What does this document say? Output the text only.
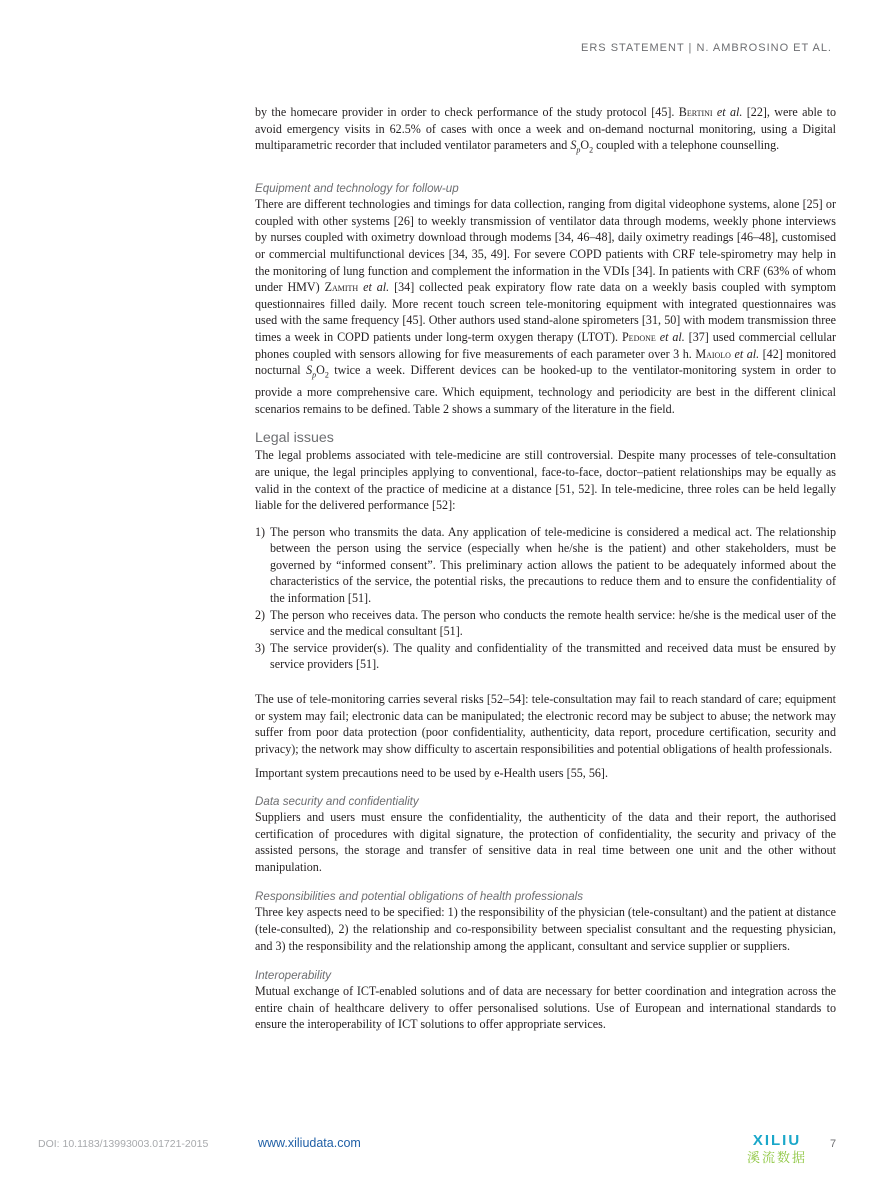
ERS STATEMENT | N. AMBROSINO ET AL.

by the homecare provider in order to check performance of the study protocol [45]. Bertini et al. [22], were able to avoid emergency visits in 62.5% of cases with once a week and on-demand nocturnal monitoring, using a Digital multiparametric recorder that included ventilator parameters and $S_pO_2$ coupled with a telephone counselling.

Equipment and technology for follow-up

There are different technologies and timings for data collection, ranging from digital videophone systems, alone [25] or coupled with other systems [26] to weekly transmission of ventilator data through modems, weekly phone interviews by nurses coupled with oximetry download through modems [34, 46–48], daily oximetry readings [46–48], customised or commercial multifunctional devices [34, 35, 49]. For severe COPD patients with CRF tele-spirometry may help in the monitoring of lung function and complement the information in the VDIs [34]. In patients with CRF (63% of whom under HMV) Zamith et al. [34] collected peak expiratory flow rate data on a weekly basis coupled with symptom questionnaires filled daily. More recent touch screen tele-monitoring equipment with integrated questionnaires was used with the same frequency [45]. Other authors used stand-alone spirometers [31, 50] with modem transmission three times a week in COPD patients under long-term oxygen therapy (LTOT). Pedone et al. [37] used commercial cellular phones coupled with sensors allowing for five measurements of each parameter over 3 h. Maiolo et al. [42] monitored nocturnal $S_pO_2$ twice a week. Different devices can be hooked-up to the ventilator-monitoring system in order to provide a more comprehensive care. Which equipment, technology and periodicity are best in the different clinical scenarios remains to be defined. Table 2 shows a summary of the literature in the field.

Legal issues

The legal problems associated with tele-medicine are still controversial. Despite many processes of tele-consultation are unique, the legal principles applying to conventional, face-to-face, doctor–patient relationships may be equally as valid in the context of the practice of medicine at a distance [51, 52]. In tele-medicine, three roles can be held legally liable for the delivered performance [52]:

1) The person who transmits the data. Any application of tele-medicine is considered a medical act. The relationship between the person using the service (especially when he/she is the patient) and other stakeholders, must be governed by “informed consent”. This preliminary action allows the patient to be adequately informed about the characteristics of the service, the potential risks, the precautions to reduce them and to ensure the confidentiality of the information [51].
2) The person who receives data. The person who conducts the remote health service: he/she is the medical user of the service and the medical consultant [51].
3) The service provider(s). The quality and confidentiality of the transmitted and received data must be ensured by service providers [51].

The use of tele-monitoring carries several risks [52–54]: tele-consultation may fail to reach standard of care; equipment or system may fail; electronic data can be manipulated; the electronic record may be subject to abuse; the network may suffer from poor data protection (poor confidentiality, authenticity, data report, procedure certification, security and privacy); the network may show difficulty to ascertain responsibilities and potential obligations of health professionals.

Important system precautions need to be used by e-Health users [55, 56].

Data security and confidentiality

Suppliers and users must ensure the confidentiality, the authenticity of the data and their report, the authorised certification of procedures with digital signature, the protection of confidentiality, the security and privacy of the assisted persons, the storage and transfer of sensitive data in real time between one unit and the other without manipulation.

Responsibilities and potential obligations of health professionals

Three key aspects need to be specified: 1) the responsibility of the physician (tele-consultant) and the patient at distance (tele-consulted), 2) the relationship and co-responsibility between specialist consultant and the requesting physician, and 3) the responsibility and the relationship among the applicant, consultant and service supplier or suppliers.

Interoperability

Mutual exchange of ICT-enabled solutions and of data are necessary for better coordination and integration across the entire chain of healthcare delivery to offer personalised solutions. Use of European and international standards to ensure the interoperability of ICT solutions to offer appropriate services.

DOI: 10.1183/13993003.01721-2015	www.xiliudata.com	XILIU
溪流数据
7
